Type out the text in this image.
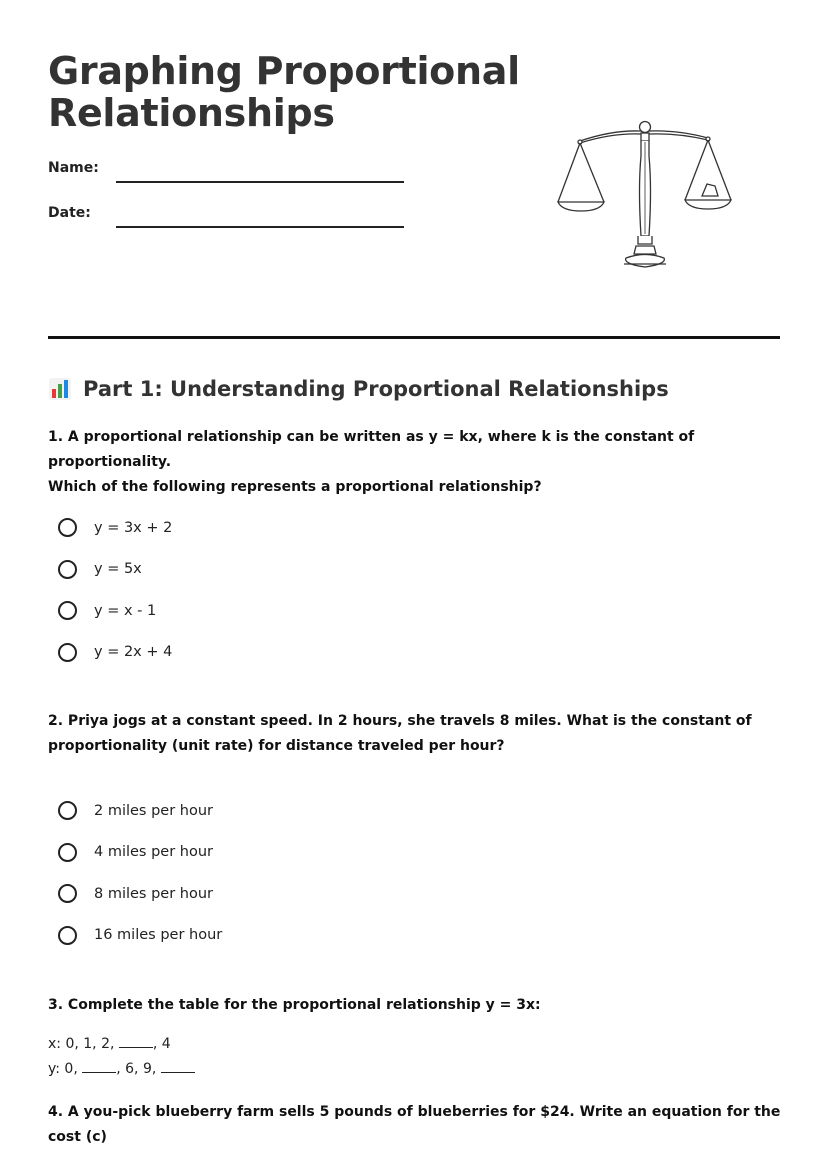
Graphing Proportional
Relationships
Name:
Date:
Part 1: Understanding Proportional Relationships

1. A proportional relationship can be written as y = kx, where k is the constant of proportionality.
Which of the following represents a proportional relationship?

y = 3x + 2
y = 5x
y = x - 1
y = 2x + 4

2. Priya jogs at a constant speed. In 2 hours, she travels 8 miles. What is the constant of
proportionality (unit rate) for distance traveled per hour?

2 miles per hour
4 miles per hour
8 miles per hour
16 miles per hour

3. Complete the table for the proportional relationship y = 3x:

x: 0, 1, 2,	, 4
y: 0,	, 6, 9,

4. A you-pick blueberry farm sells 5 pounds of blueberries for $24. Write an equation for the cost (c)
